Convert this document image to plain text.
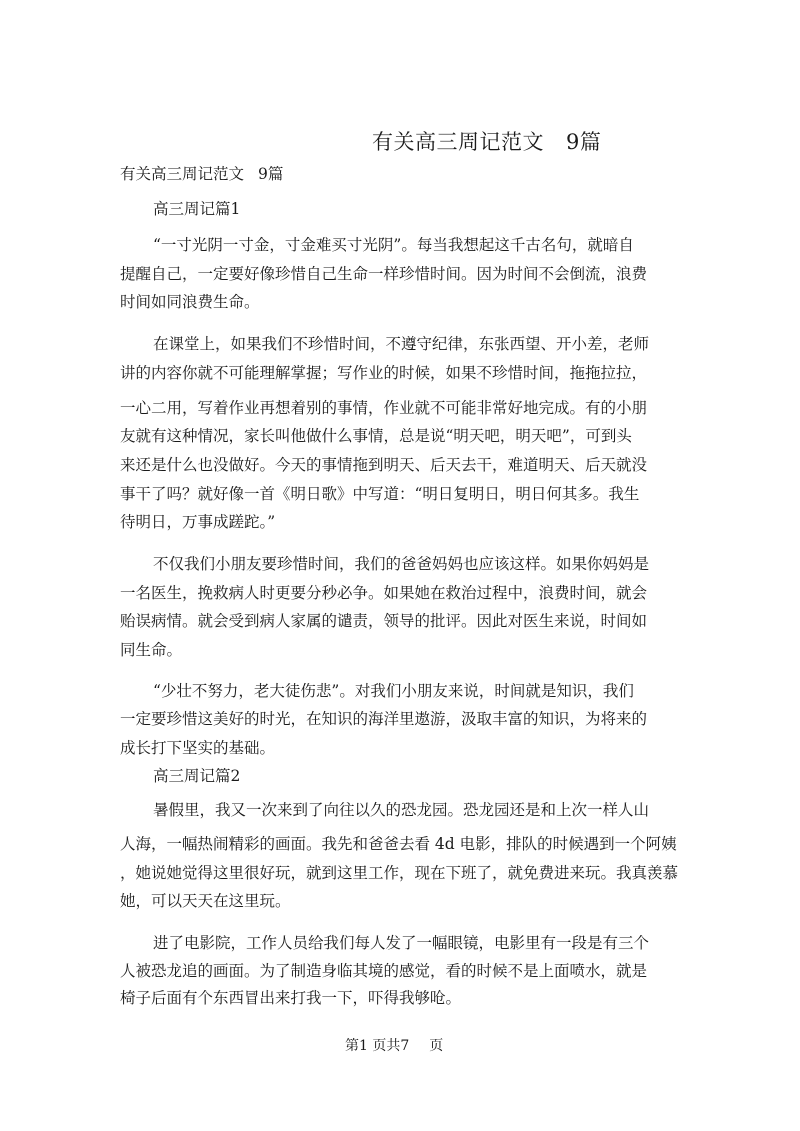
有关高三周记范文 9篇
有关高三周记范文 9篇
高三周记篇1
“一寸光阴一寸金，寸金难买寸光阴”。每当我想起这千古名句，就暗自
提醒自己，一定要好像珍惜自己生命一样珍惜时间。因为时间不会倒流，浪费
时间如同浪费生命。
在课堂上，如果我们不珍惜时间，不遵守纪律，东张西望、开小差，老师
讲的内容你就不可能理解掌握；写作业的时候，如果不珍惜时间，拖拖拉拉，
一心二用，写着作业再想着别的事情，作业就不可能非常好地完成。有的小朋
友就有这种情况，家长叫他做什么事情，总是说“明天吧，明天吧”，可到头
来还是什么也没做好。今天的事情拖到明天、后天去干，难道明天、后天就没
事干了吗？就好像一首《明日歌》中写道：“明日复明日，明日何其多。我生
待明日，万事成蹉跎。”
不仅我们小朋友要珍惜时间，我们的爸爸妈妈也应该这样。如果你妈妈是
一名医生，挽救病人时更要分秒必争。如果她在救治过程中，浪费时间，就会
贻误病情。就会受到病人家属的谴责，领导的批评。因此对医生来说，时间如
同生命。
“少壮不努力，老大徒伤悲”。对我们小朋友来说，时间就是知识，我们
一定要珍惜这美好的时光，在知识的海洋里遨游，汲取丰富的知识，为将来的
成长打下坚实的基础。
高三周记篇2
暑假里，我又一次来到了向往以久的恐龙园。恐龙园还是和上次一样人山
人海，一幅热闹精彩的画面。我先和爸爸去看 4d 电影，排队的时候遇到一个阿姨
，她说她觉得这里很好玩，就到这里工作，现在下班了，就免费进来玩。我真羡慕
她，可以天天在这里玩。
进了电影院，工作人员给我们每人发了一幅眼镜，电影里有一段是有三个
人被恐龙追的画面。为了制造身临其境的感觉，看的时候不是上面喷水，就是
椅子后面有个东西冒出来打我一下，吓得我够呛。
第1 页共7 页
